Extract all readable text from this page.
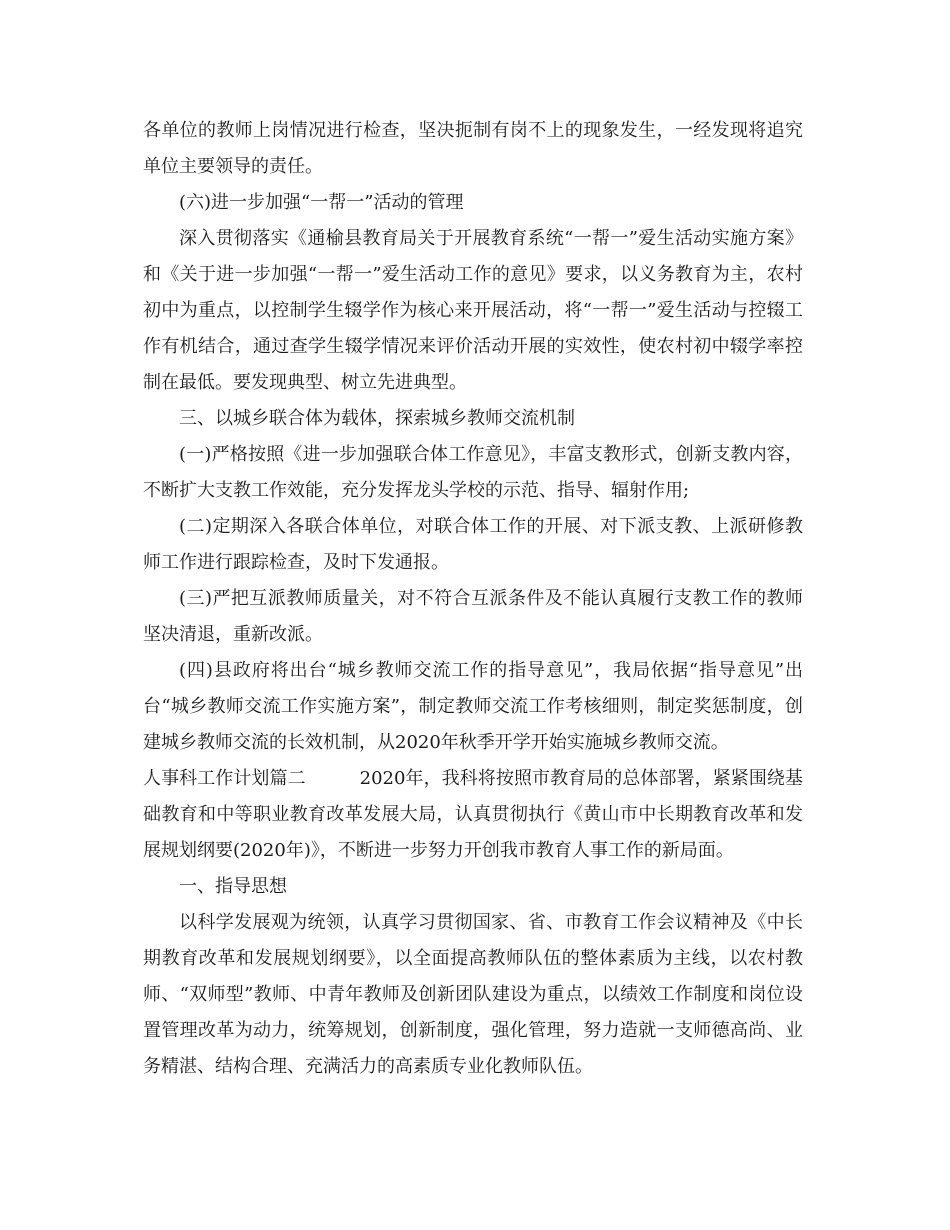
各单位的教师上岗情况进行检查，坚决扼制有岗不上的现象发生，一经发现将追究单位主要领导的责任。

(六)进一步加强“一帮一”活动的管理

深入贯彻落实《通榆县教育局关于开展教育系统“一帮一”爱生活动实施方案》和《关于进一步加强“一帮一”爱生活动工作的意见》要求，以义务教育为主，农村初中为重点，以控制学生辍学作为核心来开展活动，将“一帮一”爱生活动与控辍工作有机结合，通过查学生辍学情况来评价活动开展的实效性，使农村初中辍学率控制在最低。要发现典型、树立先进典型。

三、以城乡联合体为载体，探索城乡教师交流机制

(一)严格按照《进一步加强联合体工作意见》，丰富支教形式，创新支教内容，不断扩大支教工作效能，充分发挥龙头学校的示范、指导、辐射作用;

(二)定期深入各联合体单位，对联合体工作的开展、对下派支教、上派研修教师工作进行跟踪检查，及时下发通报。

(三)严把互派教师质量关，对不符合互派条件及不能认真履行支教工作的教师坚决清退，重新改派。

(四)县政府将出台“城乡教师交流工作的指导意见”，我局依据“指导意见”出台“城乡教师交流工作实施方案”，制定教师交流工作考核细则，制定奖惩制度，创建城乡教师交流的长效机制，从2020年秋季开学开始实施城乡教师交流。

人事科工作计划篇二	2020年，我科将按照市教育局的总体部署，紧紧围绕基础教育和中等职业教育改革发展大局，认真贯彻执行《黄山市中长期教育改革和发展规划纲要(2020年)》，不断进一步努力开创我市教育人事工作的新局面。

一、指导思想

以科学发展观为统领，认真学习贯彻国家、省、市教育工作会议精神及《中长期教育改革和发展规划纲要》，以全面提高教师队伍的整体素质为主线，以农村教师、“双师型”教师、中青年教师及创新团队建设为重点，以绩效工作制度和岗位设置管理改革为动力，统筹规划，创新制度，强化管理，努力造就一支师德高尚、业务精湛、结构合理、充满活力的高素质专业化教师队伍。
